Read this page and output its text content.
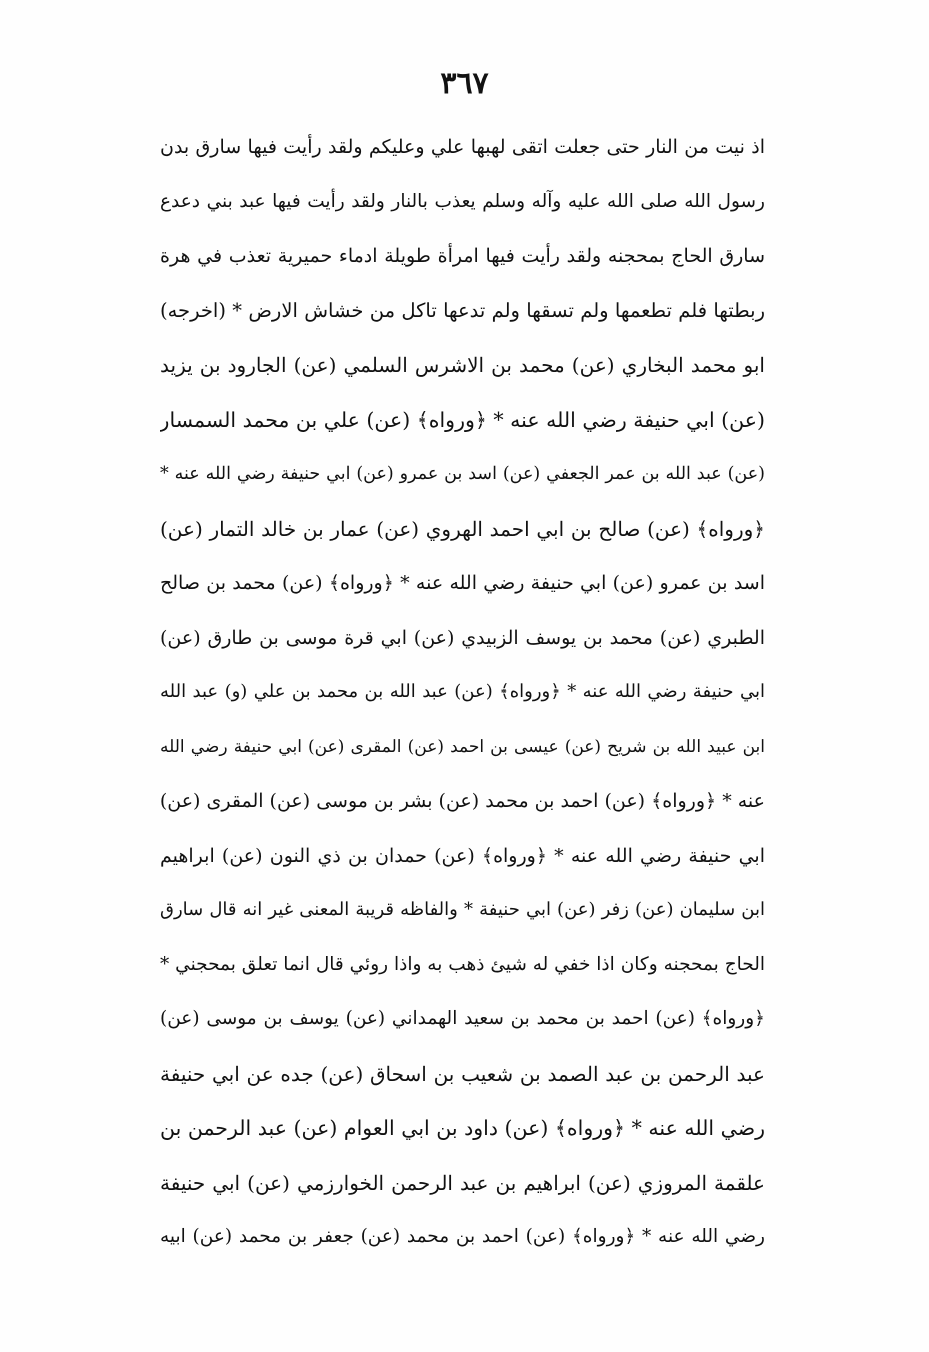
٣٦٧
اذ نيت من النار حتى جعلت اتقى لهبها علي وعليكم ولقد رأيت فيها سارق بدن
رسول الله صلى الله عليه وآله وسلم يعذب بالنار ولقد رأيت فيها عبد بني دعدع
سارق الحاج بمحجنه ولقد رأيت فيها امرأة طويلة ادماء حميرية تعذب في هرة
ربطتها فلم تطعمها ولم تسقها ولم تدعها تاكل من خشاش الارض * (اخرجه)
ابو محمد البخاري (عن) محمد بن الاشرس السلمي (عن) الجارود بن يزيد
(عن) ابي حنيفة رضي الله عنه * ﴿ورواه﴾ (عن) علي بن محمد السمسار
(عن) عبد الله بن عمر الجعفي (عن) اسد بن عمرو (عن) ابي حنيفة رضي الله عنه *
﴿ورواه﴾ (عن) صالح بن ابي احمد الهروي (عن) عمار بن خالد التمار (عن)
اسد بن عمرو (عن) ابي حنيفة رضي الله عنه * ﴿ورواه﴾ (عن) محمد بن صالح
الطبري (عن) محمد بن يوسف الزبيدي (عن) ابي قرة موسى بن طارق (عن)
ابي حنيفة رضي الله عنه * ﴿ورواه﴾ (عن) عبد الله بن محمد بن علي (و) عبد الله
ابن عبيد الله بن شريح (عن) عيسى بن احمد (عن) المقرى (عن) ابي حنيفة رضي الله
عنه * ﴿ورواه﴾ (عن) احمد بن محمد (عن) بشر بن موسى (عن) المقرى (عن)
ابي حنيفة رضي الله عنه * ﴿ورواه﴾ (عن) حمدان بن ذي النون (عن) ابراهيم
ابن سليمان (عن) زفر (عن) ابي حنيفة * والفاظه قريبة المعنى غير انه قال سارق
الحاج بمحجنه وكان اذا خفي له شيئ ذهب به واذا روئي قال انما تعلق بمحجني *
﴿ورواه﴾ (عن) احمد بن محمد بن سعيد الهمداني (عن) يوسف بن موسى (عن)
عبد الرحمن بن عبد الصمد بن شعيب بن اسحاق (عن) جده عن ابي حنيفة
رضي الله عنه * ﴿ورواه﴾ (عن) داود بن ابي العوام (عن) عبد الرحمن بن
علقمة المروزي (عن) ابراهيم بن عبد الرحمن الخوارزمي (عن) ابي حنيفة
رضي الله عنه * ﴿ورواه﴾ (عن) احمد بن محمد (عن) جعفر بن محمد (عن) ابيه
